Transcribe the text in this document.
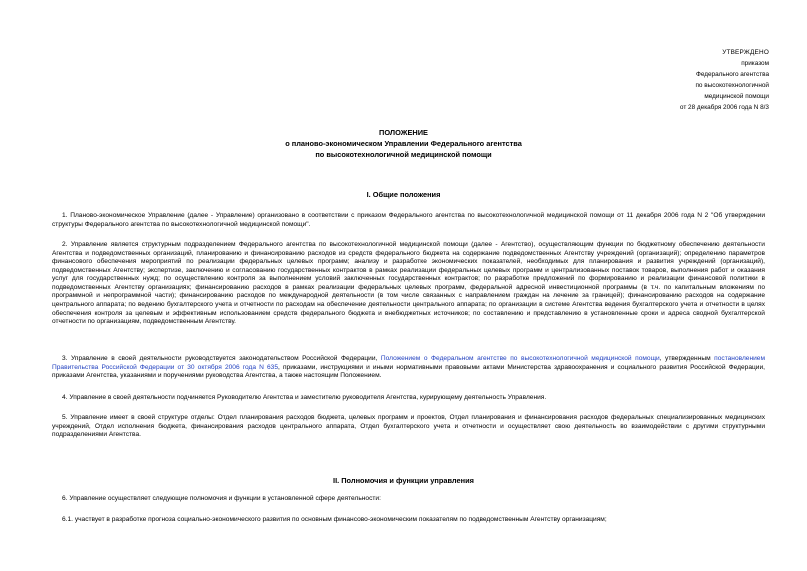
УТВЕРЖДЕНО
приказом
Федерального агентства
по высокотехнологичной
медицинской помощи
от 28 декабря 2006 года N 8/3
ПОЛОЖЕНИЕ
о планово-экономическом Управлении Федерального агентства
по высокотехнологичной медицинской помощи
I. Общие положения
1. Планово-экономическое Управление (далее - Управление) организовано в соответствии с приказом Федерального агентства по высокотехнологичной медицинской помощи от 11 декабря 2006 года N 2 "Об утверждении структуры Федерального агентства по высокотехнологичной медицинской помощи".
2. Управление является структурным подразделением Федерального агентства по высокотехнологичной медицинской помощи (далее - Агентство), осуществляющим функции по бюджетному обеспечению деятельности Агентства и подведомственных организаций, планированию и финансированию расходов из средств федерального бюджета на содержание подведомственных Агентству учреждений (организаций); определению параметров финансового обеспечения мероприятий по реализации федеральных целевых программ; анализу и разработке экономических показателей, необходимых для планирования и развития учреждений (организаций), подведомственных Агентству; экспертизе, заключению и согласованию государственных контрактов в рамках реализации федеральных целевых программ и централизованных поставок товаров, выполнения работ и оказания услуг для государственных нужд; по осуществлению контроля за выполнением условий заключенных государственных контрактов; по разработке предложений по формированию и реализации финансовой политики в подведомственных Агентству организациях; финансированию расходов в рамках реализации федеральных целевых программ, федеральной адресной инвестиционной программы (в т.ч. по капитальным вложениям по программной и непрограммной части); финансированию расходов по международной деятельности (в том числе связанных с направлением граждан на лечение за границей); финансированию расходов на содержание центрального аппарата; по ведению бухгалтерского учета и отчетности по расходам на обеспечение деятельности центрального аппарата; по организации в системе Агентства ведения бухгалтерского учета и отчетности в целях обеспечения контроля за целевым и эффективным использованием средств федерального бюджета и внебюджетных источников; по составлению и представлению в установленные сроки и адреса сводной бухгалтерской отчетности по организациям, подведомственным Агентству.
3. Управление в своей деятельности руководствуется законодательством Российской Федерации, Положением о Федеральном агентстве по высокотехнологичной медицинской помощи, утвержденным постановлением Правительства Российской Федерации от 30 октября 2006 года N 635, приказами, инструкциями и иными нормативными правовыми актами Министерства здравоохранения и социального развития Российской Федерации, приказами Агентства, указаниями и поручениями руководства Агентства, а также настоящим Положением.
4. Управление в своей деятельности подчиняется Руководителю Агентства и заместителю руководителя Агентства, курирующему деятельность Управления.
5. Управление имеет в своей структуре отделы: Отдел планирования расходов бюджета, целевых программ и проектов, Отдел планирования и финансирования расходов федеральных специализированных медицинских учреждений, Отдел исполнения бюджета, финансирования расходов центрального аппарата, Отдел бухгалтерского учета и отчетности и осуществляет свою деятельность во взаимодействии с другими структурными подразделениями Агентства.
II. Полномочия и функции управления
6. Управление осуществляет следующие полномочия и функции в установленной сфере деятельности:
6.1. участвует в разработке прогноза социально-экономического развития по основным финансово-экономическим показателям по подведомственным Агентству организациям;
